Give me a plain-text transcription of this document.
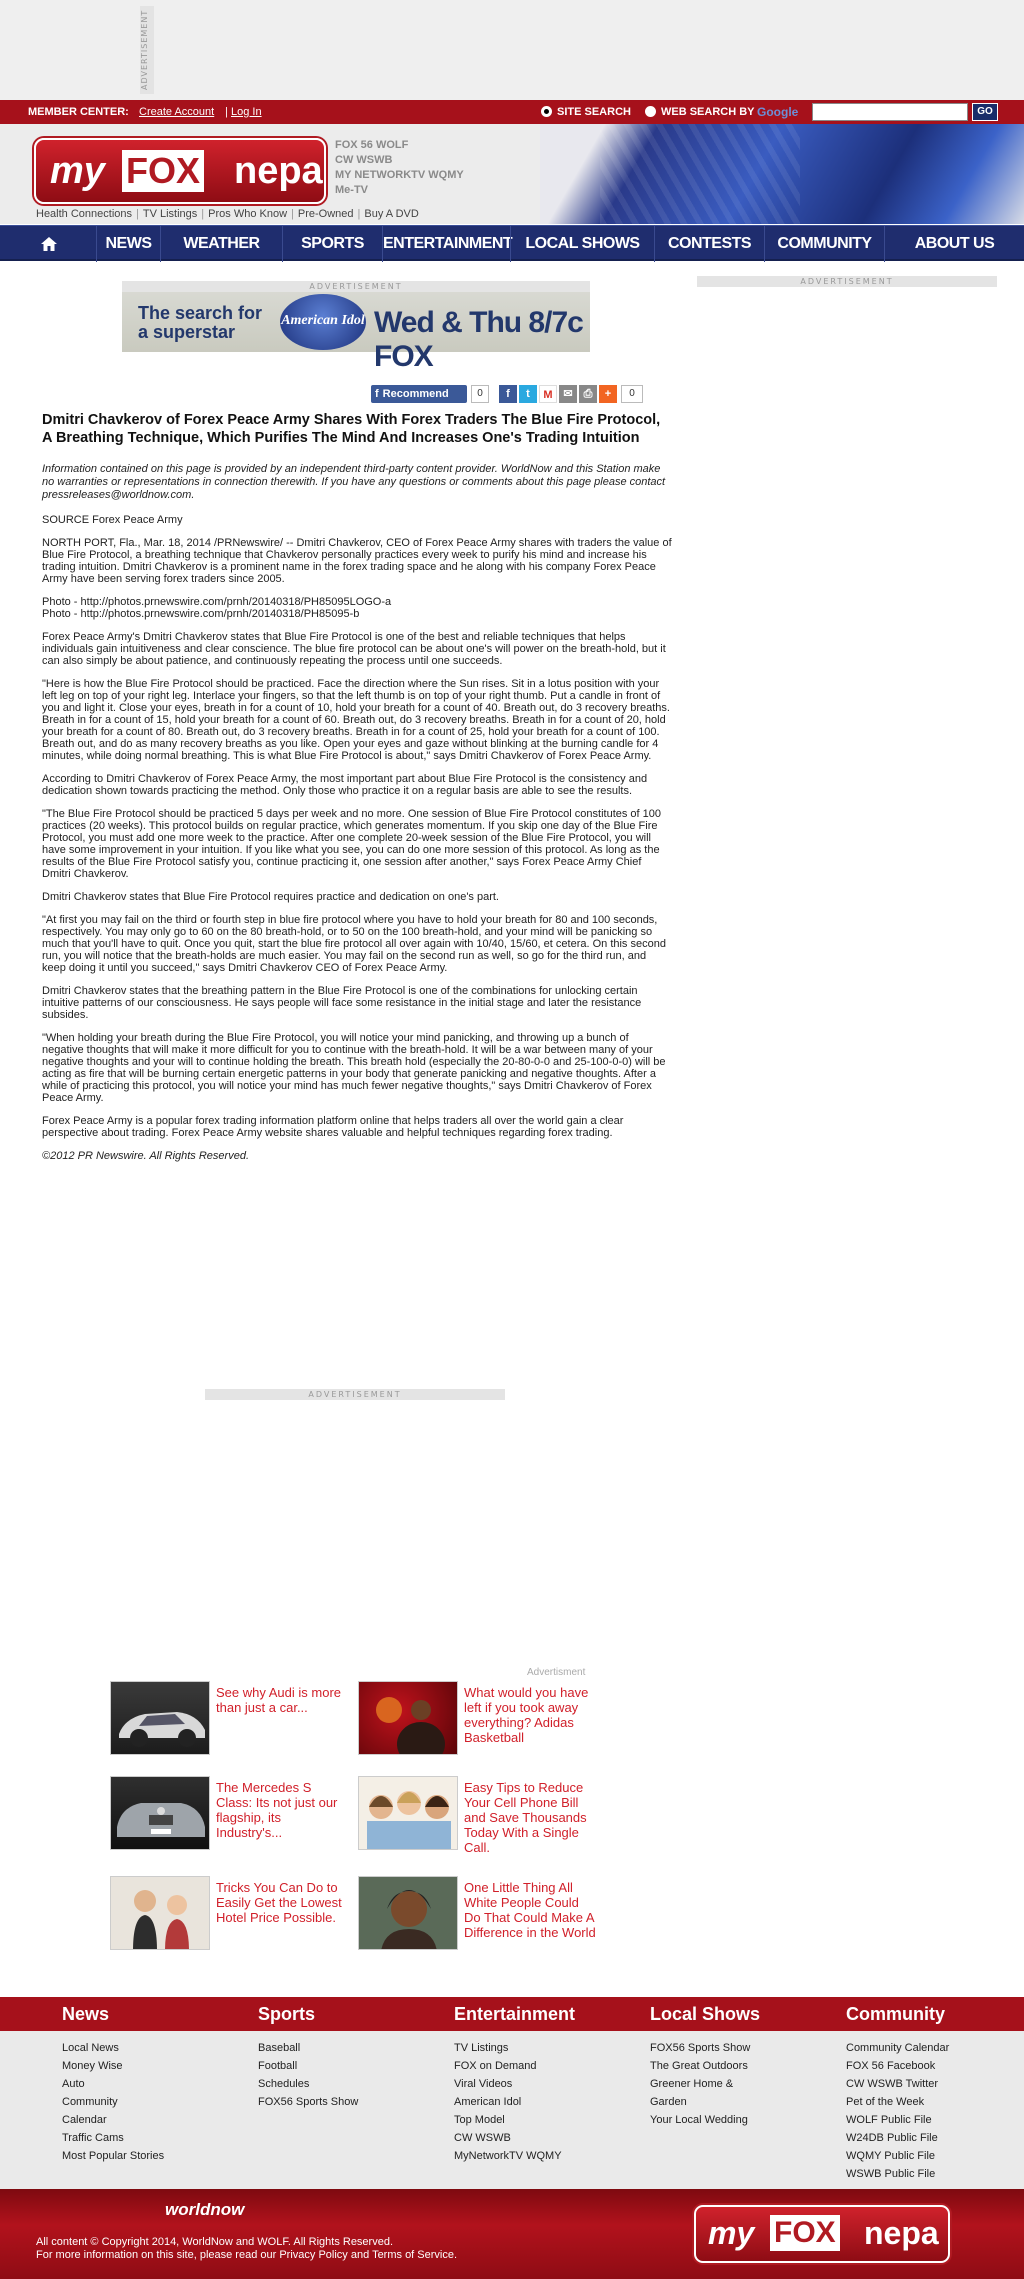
ADVERTISEMENT
MEMBER CENTER: Create Account | Log In	SITE SEARCH	WEB SEARCH BY Google	GO
my FOX nepa
FOX 56 WOLF
CW WSWB
MY NETWORKTV WQMY
Me-TV
Health Connections | TV Listings | Pros Who Know | Pre-Owned | Buy A DVD
NEWS	WEATHER	SPORTS	ENTERTAINMENT LOCAL SHOWS	CONTESTS	COMMUNITY	ABOUT US
ADVERTISEMENT
The search for
a superstar
American Idol Wed & Thu 8/7c FOX
ADVERTISEMENT
f Recommend	0	f	t	M ✉ ⎙	+	0
Dmitri Chavkerov of Forex Peace Army Shares With Forex Traders The Blue Fire Protocol, A Breathing Technique, Which Purifies The Mind And Increases One's Trading Intuition

Information contained on this page is provided by an independent third-party content provider. WorldNow and this Station make no warranties or representations in connection therewith. If you have any questions or comments about this page please contact pressreleases@worldnow.com.

SOURCE Forex Peace Army

NORTH PORT, Fla., Mar. 18, 2014 /PRNewswire/ -- Dmitri Chavkerov, CEO of Forex Peace Army shares with traders the value of Blue Fire Protocol, a breathing technique that Chavkerov personally practices every week to purify his mind and increase his trading intuition. Dmitri Chavkerov is a prominent name in the forex trading space and he along with his company Forex Peace Army have been serving forex traders since 2005.

Photo - http://photos.prnewswire.com/prnh/20140318/PH85095LOGO-a
Photo - http://photos.prnewswire.com/prnh/20140318/PH85095-b

Forex Peace Army's Dmitri Chavkerov states that Blue Fire Protocol is one of the best and reliable techniques that helps individuals gain intuitiveness and clear conscience. The blue fire protocol can be about one's will power on the breath-hold, but it can also simply be about patience, and continuously repeating the process until one succeeds.

"Here is how the Blue Fire Protocol should be practiced. Face the direction where the Sun rises. Sit in a lotus position with your left leg on top of your right leg. Interlace your fingers, so that the left thumb is on top of your right thumb. Put a candle in front of you and light it. Close your eyes, breath in for a count of 10, hold your breath for a count of 40. Breath out, do 3 recovery breaths. Breath in for a count of 15, hold your breath for a count of 60. Breath out, do 3 recovery breaths. Breath in for a count of 20, hold your breath for a count of 80. Breath out, do 3 recovery breaths. Breath in for a count of 25, hold your breath for a count of 100. Breath out, and do as many recovery breaths as you like. Open your eyes and gaze without blinking at the burning candle for 4 minutes, while doing normal breathing. This is what Blue Fire Protocol is about," says Dmitri Chavkerov of Forex Peace Army.

According to Dmitri Chavkerov of Forex Peace Army, the most important part about Blue Fire Protocol is the consistency and dedication shown towards practicing the method. Only those who practice it on a regular basis are able to see the results.

"The Blue Fire Protocol should be practiced 5 days per week and no more. One session of Blue Fire Protocol constitutes of 100 practices (20 weeks). This protocol builds on regular practice, which generates momentum. If you skip one day of the Blue Fire Protocol, you must add one more week to the practice. After one complete 20-week session of the Blue Fire Protocol, you will have some improvement in your intuition. If you like what you see, you can do one more session of this protocol. As long as the results of the Blue Fire Protocol satisfy you, continue practicing it, one session after another," says Forex Peace Army Chief Dmitri Chavkerov.

Dmitri Chavkerov states that Blue Fire Protocol requires practice and dedication on one's part.

"At first you may fail on the third or fourth step in blue fire protocol where you have to hold your breath for 80 and 100 seconds, respectively. You may only go to 60 on the 80 breath-hold, or to 50 on the 100 breath-hold, and your mind will be panicking so much that you'll have to quit. Once you quit, start the blue fire protocol all over again with 10/40, 15/60, et cetera. On this second run, you will notice that the breath-holds are much easier. You may fail on the second run as well, so go for the third run, and keep doing it until you succeed," says Dmitri Chavkerov CEO of Forex Peace Army.

Dmitri Chavkerov states that the breathing pattern in the Blue Fire Protocol is one of the combinations for unlocking certain intuitive patterns of our consciousness. He says people will face some resistance in the initial stage and later the resistance subsides.

"When holding your breath during the Blue Fire Protocol, you will notice your mind panicking, and throwing up a bunch of negative thoughts that will make it more difficult for you to continue with the breath-hold. It will be a war between many of your negative thoughts and your will to continue holding the breath. This breath hold (especially the 20-80-0-0 and 25-100-0-0) will be acting as fire that will be burning certain energetic patterns in your body that generate panicking and negative thoughts. After a while of practicing this protocol, you will notice your mind has much fewer negative thoughts," says Dmitri Chavkerov of Forex Peace Army.

Forex Peace Army is a popular forex trading information platform online that helps traders all over the world gain a clear perspective about trading. Forex Peace Army website shares valuable and helpful techniques regarding forex trading.

©2012 PR Newswire. All Rights Reserved.

ADVERTISEMENT
Advertisment
See why Audi is more than just a car...
What would you have left if you took away everything? Adidas Basketball
The Mercedes S Class: Its not just our flagship, its Industry's...
Easy Tips to Reduce Your Cell Phone Bill and Save Thousands Today With a Single Call.
Tricks You Can Do to Easily Get the Lowest Hotel Price Possible.
One Little Thing All White People Could Do That Could Make A Difference in the World
News
Local News
Money Wise
Auto
Community
Calendar
Traffic Cams
Most Popular Stories
Sports
Baseball
Football
Schedules
FOX56 Sports Show
Entertainment
TV Listings
FOX on Demand
Viral Videos
American Idol
Top Model
CW WSWB
MyNetworkTV WQMY
Local Shows
FOX56 Sports Show
The Great Outdoors
Greener Home &
Garden
Your Local Wedding
Community
Community Calendar
FOX 56 Facebook
CW WSWB Twitter
Pet of the Week
WOLF Public File
W24DB Public File
WQMY Public File
WSWB Public File
worldnow
All content © Copyright 2014, WorldNow and WOLF. All Rights Reserved.
For more information on this site, please read our Privacy Policy and Terms of Service.
my FOX nepa
